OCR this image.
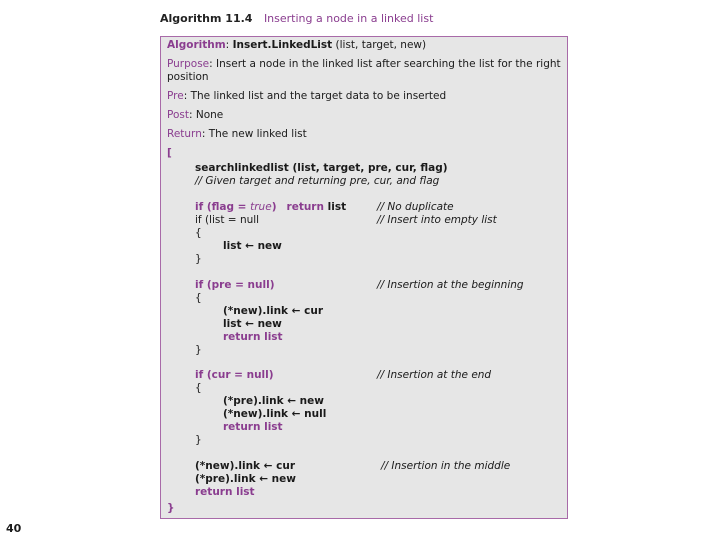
Algorithm 11.4 Inserting a node in a linked list
Algorithm: Insert.LinkedList (list, target, new)
Purpose: Insert a node in the linked list after searching the list for the right
position
Pre: The linked list and the target data to be inserted
Post: None
Return: The new linked list
[
searchlinkedlist (list, target, pre, cur, flag)
// Given target and returning pre, cur, and flag
if (flag = true) return list	// No duplicate
if (list = null	// Insert into empty list
{
list ← new
}
if (pre = null)	// Insertion at the beginning
{
(*new).link ← cur
list ← new
return list
}
if (cur = null)	// Insertion at the end
{
(*pre).link ← new
(*new).link ← null
return list
}
(*new).link ← cur	// Insertion in the middle
(*pre).link ← new
return list
}
40
